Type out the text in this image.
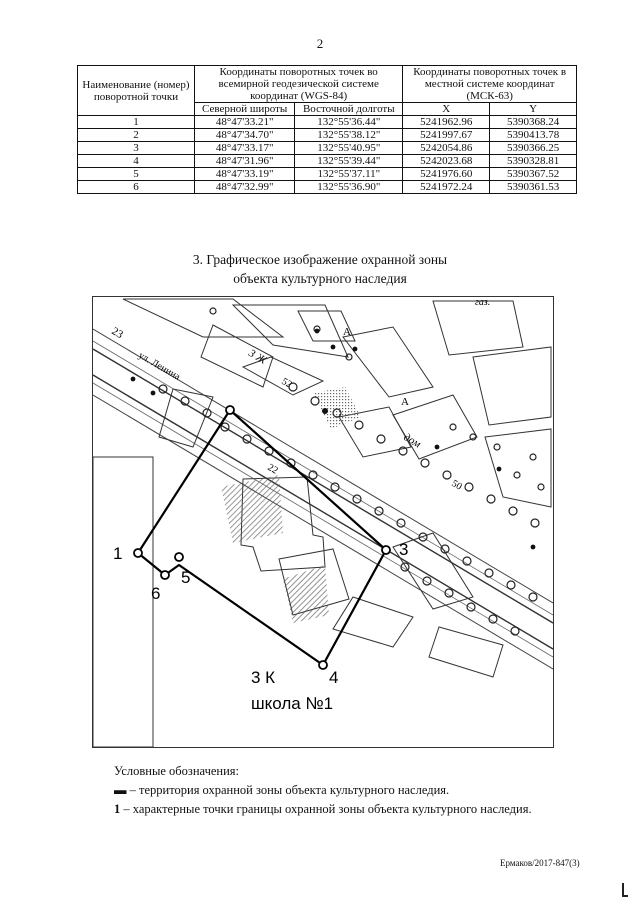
2
Наименование (номер) поворотной точки	Координаты поворотных точек во всемирной геодезической системе координат (WGS-84)		Координаты поворотных точек в местной системе координат (МСК-63)	
	Северной широты	Восточной долготы	X	Y
1	48°47'33.21"	132°55'36.44"	5241962.96	5390368.24
2	48°47'34.70"	132°55'38.12"	5241997.67	5390413.78
3	48°47'33.17"	132°55'40.95"	5242054.86	5390366.25
4	48°47'31.96"	132°55'39.44"	5242023.68	5390328.81
5	48°47'33.19"	132°55'37.11"	5241976.60	5390367.52
6	48°47'32.99"	132°55'36.90"	5241972.24	5390361.53
3. Графическое изображение охранной зоны
объекта культурного наследия
ул. Ленина
23
3 Ж
дом
А
А
52
50
22
газ.
1	3
4
5
6
3 К
школа №1
Условные обозначения:
▬ – территория охранной зоны объекта культурного наследия.
1 – характерные точки границы охранной зоны объекта культурного наследия.
Ермаков/2017-847(3)
